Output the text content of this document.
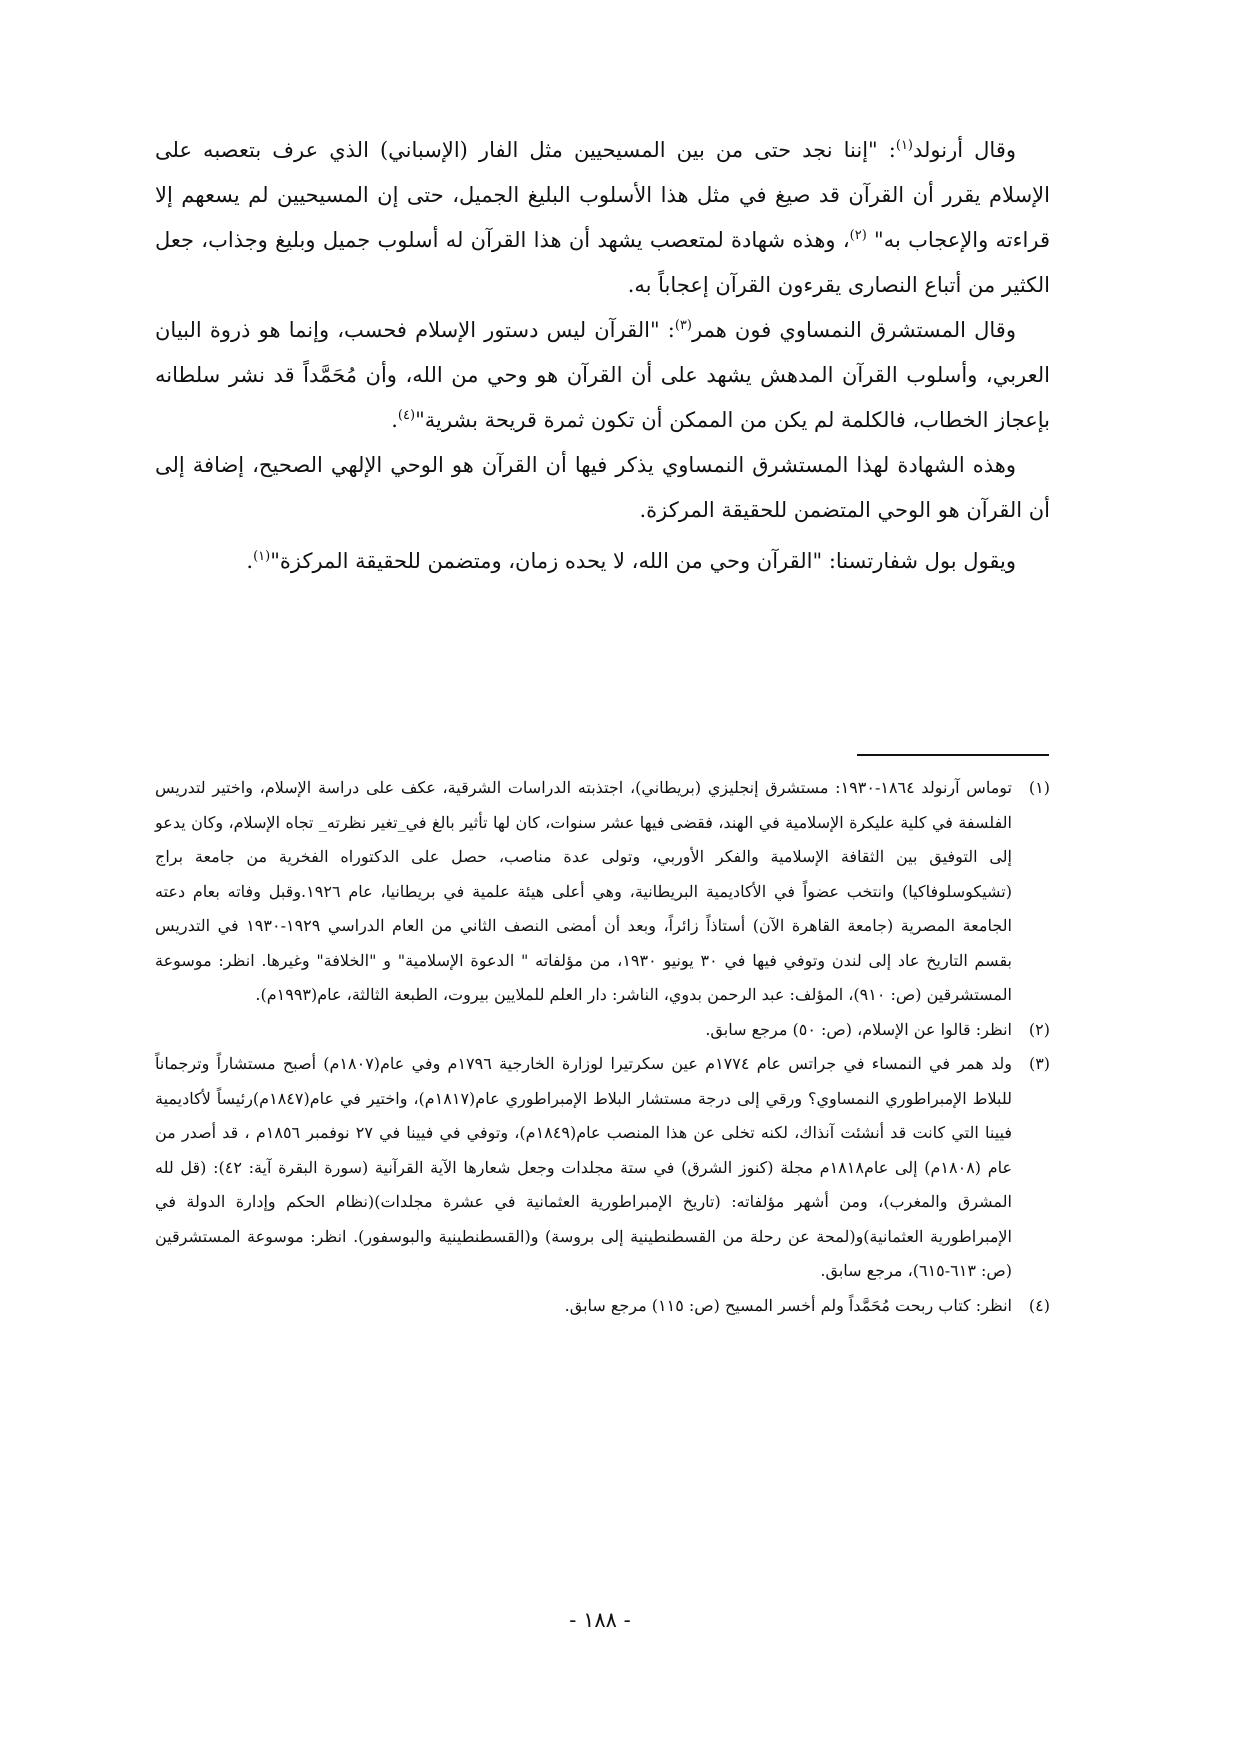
وقال أرنولد$^{(١)}$: "إننا نجد حتى من بين المسيحيين مثل الفار (الإسباني) الذي عرف بتعصبه على الإسلام يقرر أن القرآن قد صيغ في مثل هذا الأسلوب البليغ الجميل، حتى إن المسيحيين لم يسعهم إلا قراءته والإعجاب به" $^{(٢)}$، وهذه شهادة لمتعصب يشهد أن هذا القرآن له أسلوب جميل وبليغ وجذاب، جعل الكثير من أتباع النصارى يقرءون القرآن إعجاباً به.

وقال المستشرق النمساوي فون همر$^{(٣)}$: "القرآن ليس دستور الإسلام فحسب، وإنما هو ذروة البيان العربي، وأسلوب القرآن المدهش يشهد على أن القرآن هو وحي من الله، وأن مُحَمَّداً قد نشر سلطانه بإعجاز الخطاب، فالكلمة لم يكن من الممكن أن تكون ثمرة قريحة بشرية"$^{(٤)}$.

وهذه الشهادة لهذا المستشرق النمساوي يذكر فيها أن القرآن هو الوحي الإلهي الصحيح، إضافة إلى أن القرآن هو الوحي المتضمن للحقيقة المركزة.

ويقول بول شفارتسنا: "القرآن وحي من الله، لا يحده زمان، ومتضمن للحقيقة المركزة"$^{(١)}$.

(١)توماس آرنولد ١٨٦٤-١٩٣٠: مستشرق إنجليزي (بريطاني)، اجتذبته الدراسات الشرقية، عكف على دراسة الإسلام، واختير لتدريس الفلسفة في كلية عليكرة الإسلامية في الهند، فقضى فيها عشر سنوات، كان لها تأثير بالغ في_تغير نظرته_ تجاه الإسلام، وكان يدعو إلى التوفيق بين الثقافة الإسلامية والفكر الأوربي، وتولى عدة مناصب، حصل على الدكتوراه الفخرية من جامعة براج (تشيكوسلوفاكيا) وانتخب عضواً في الأكاديمية البريطانية، وهي أعلى هيئة علمية في بريطانيا، عام ١٩٢٦.وقبل وفاته بعام دعته الجامعة المصرية (جامعة القاهرة الآن) أستاذاً زائراً، وبعد أن أمضى النصف الثاني من العام الدراسي ١٩٢٩-١٩٣٠ في التدريس بقسم التاريخ عاد إلى لندن وتوفي فيها في ٣٠ يونيو ١٩٣٠، من مؤلفاته " الدعوة الإسلامية" و "الخلافة" وغيرها. انظر: موسوعة المستشرقين (ص: ٩١٠)، المؤلف: عبد الرحمن بدوي، الناشر: دار العلم للملايين بيروت، الطبعة الثالثة، عام(١٩٩٣م).

(٢)انظر: قالوا عن الإسلام، (ص: ٥٠) مرجع سابق.

(٣)ولد همر في النمساء في جراتس عام ١٧٧٤م عين سكرتيرا لوزارة الخارجية ١٧٩٦م وفي عام(١٨٠٧م) أصبح مستشاراً وترجماناً للبلاط الإمبراطوري النمساوي؟ ورقي إلى درجة مستشار البلاط الإمبراطوري عام(١٨١٧م)، واختير في عام(١٨٤٧م)رئيساً لأكاديمية فيينا التي كانت قد أنشئت آنذاك، لكنه تخلى عن هذا المنصب عام(١٨٤٩م)، وتوفي في فيينا في ٢٧ نوفمبر ١٨٥٦م ، قد أصدر من عام (١٨٠٨م) إلى عام١٨١٨م مجلة (كنوز الشرق) في ستة مجلدات وجعل شعارها الآية القرآنية (سورة البقرة آية: ٤٢): (قل لله المشرق والمغرب)، ومن أشهر مؤلفاته: (تاريخ الإمبراطورية العثمانية في عشرة مجلدات)(نظام الحكم وإدارة الدولة في الإمبراطورية العثمانية)و(لمحة عن رحلة من القسطنطينية إلى بروسة) و(القسطنطينية والبوسفور). انظر: موسوعة المستشرقين (ص: ٦١٣-٦١٥)، مرجع سابق.

(٤)انظر: كتاب ربحت مُحَمَّداً ولم أخسر المسيح (ص: ١١٥) مرجع سابق.

- ١٨٨ -
